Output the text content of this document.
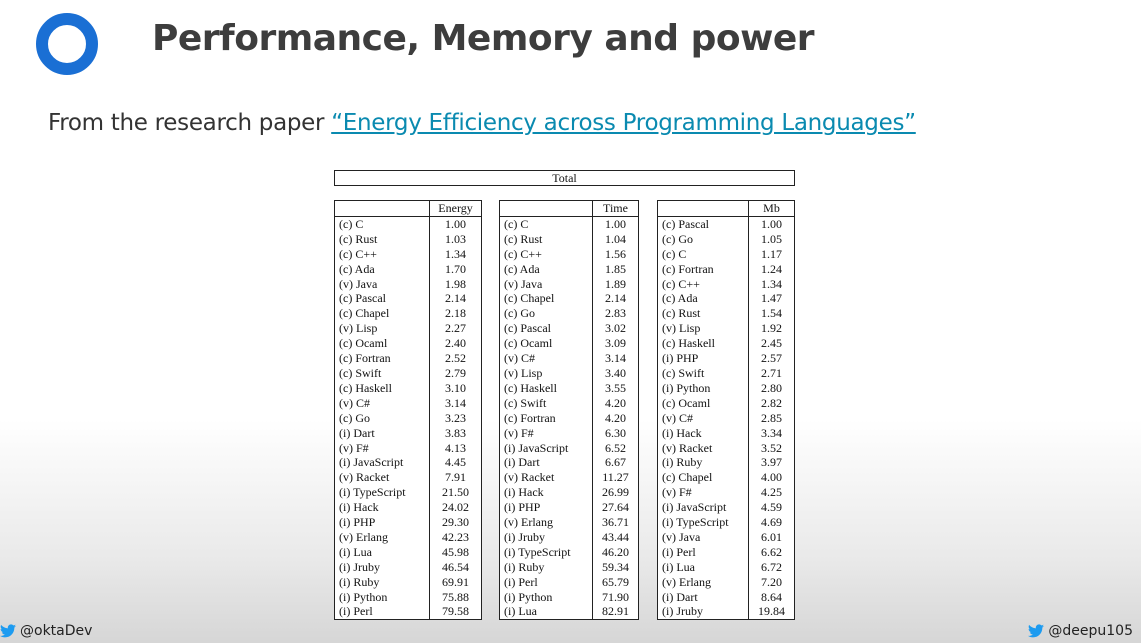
Performance, Memory and power

From the research paper “Energy Efficiency across Programming Languages”

Total
	Energy
(c) C	1.00
(c) Rust	1.03
(c) C++	1.34
(c) Ada	1.70
(v) Java	1.98
(c) Pascal	2.14
(c) Chapel	2.18
(v) Lisp	2.27
(c) Ocaml	2.40
(c) Fortran	2.52
(c) Swift	2.79
(c) Haskell	3.10
(v) C#	3.14
(c) Go	3.23
(i) Dart	3.83
(v) F#	4.13
(i) JavaScript	4.45
(v) Racket	7.91
(i) TypeScript	21.50
(i) Hack	24.02
(i) PHP	29.30
(v) Erlang	42.23
(i) Lua	45.98
(i) Jruby	46.54
(i) Ruby	69.91
(i) Python	75.88
(i) Perl	79.58
	Time
(c) C	1.00
(c) Rust	1.04
(c) C++	1.56
(c) Ada	1.85
(v) Java	1.89
(c) Chapel	2.14
(c) Go	2.83
(c) Pascal	3.02
(c) Ocaml	3.09
(v) C#	3.14
(v) Lisp	3.40
(c) Haskell	3.55
(c) Swift	4.20
(c) Fortran	4.20
(v) F#	6.30
(i) JavaScript	6.52
(i) Dart	6.67
(v) Racket	11.27
(i) Hack	26.99
(i) PHP	27.64
(v) Erlang	36.71
(i) Jruby	43.44
(i) TypeScript	46.20
(i) Ruby	59.34
(i) Perl	65.79
(i) Python	71.90
(i) Lua	82.91
	Mb
(c) Pascal	1.00
(c) Go	1.05
(c) C	1.17
(c) Fortran	1.24
(c) C++	1.34
(c) Ada	1.47
(c) Rust	1.54
(v) Lisp	1.92
(c) Haskell	2.45
(i) PHP	2.57
(c) Swift	2.71
(i) Python	2.80
(c) Ocaml	2.82
(v) C#	2.85
(i) Hack	3.34
(v) Racket	3.52
(i) Ruby	3.97
(c) Chapel	4.00
(v) F#	4.25
(i) JavaScript	4.59
(i) TypeScript	4.69
(v) Java	6.01
(i) Perl	6.62
(i) Lua	6.72
(v) Erlang	7.20
(i) Dart	8.64
(i) Jruby	19.84
@oktaDev	@deepu105
